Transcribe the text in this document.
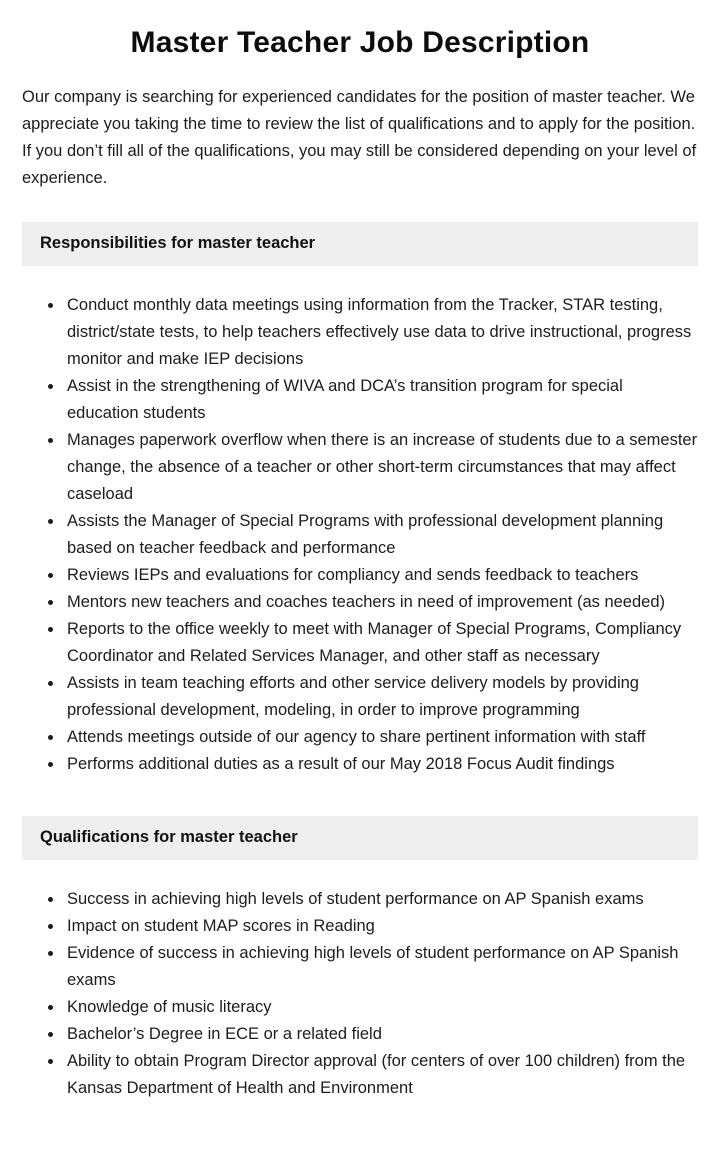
Master Teacher Job Description

Our company is searching for experienced candidates for the position of master teacher. We appreciate you taking the time to review the list of qualifications and to apply for the position. If you don’t fill all of the qualifications, you may still be considered depending on your level of experience.

Responsibilities for master teacher
• Conduct monthly data meetings using information from the Tracker, STAR testing, district/state tests, to help teachers effectively use data to drive instructional, progress monitor and make IEP decisions
• Assist in the strengthening of WIVA and DCA’s transition program for special education students
• Manages paperwork overflow when there is an increase of students due to a semester change, the absence of a teacher or other short-term circumstances that may affect caseload
• Assists the Manager of Special Programs with professional development planning based on teacher feedback and performance
• Reviews IEPs and evaluations for compliancy and sends feedback to teachers
• Mentors new teachers and coaches teachers in need of improvement (as needed)
• Reports to the office weekly to meet with Manager of Special Programs, Compliancy Coordinator and Related Services Manager, and other staff as necessary
• Assists in team teaching efforts and other service delivery models by providing professional development, modeling, in order to improve programming
• Attends meetings outside of our agency to share pertinent information with staff
• Performs additional duties as a result of our May 2018 Focus Audit findings
Qualifications for master teacher
• Success in achieving high levels of student performance on AP Spanish exams
• Impact on student MAP scores in Reading
• Evidence of success in achieving high levels of student performance on AP Spanish exams
• Knowledge of music literacy
• Bachelor’s Degree in ECE or a related field
• Ability to obtain Program Director approval (for centers of over 100 children) from the Kansas Department of Health and Environment
